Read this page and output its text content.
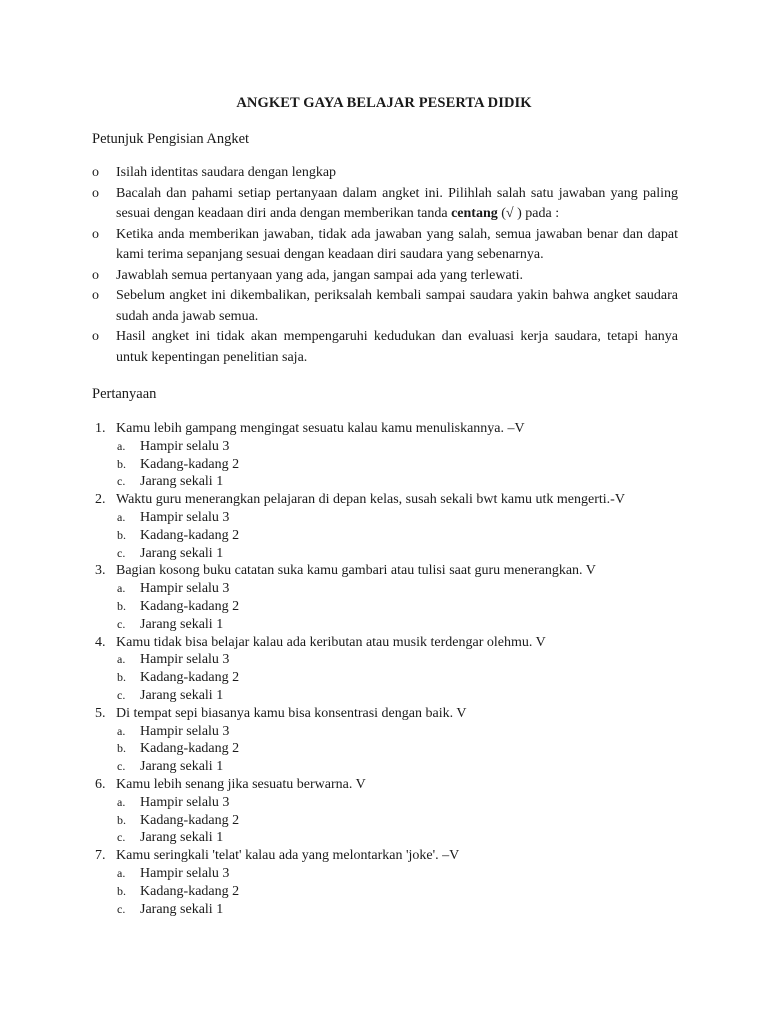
ANGKET GAYA BELAJAR PESERTA DIDIK
Petunjuk Pengisian Angket
o	Isilah identitas saudara dengan lengkap
o	Bacalah dan pahami setiap pertanyaan dalam angket ini. Pilihlah salah satu jawaban yang paling sesuai dengan keadaan diri anda dengan memberikan tanda centang (√ ) pada :
o	Ketika anda memberikan jawaban, tidak ada jawaban yang salah, semua jawaban benar dan dapat kami terima sepanjang sesuai dengan keadaan diri saudara yang sebenarnya.
o	Jawablah semua pertanyaan yang ada, jangan sampai ada yang terlewati.
o	Sebelum angket ini dikembalikan, periksalah kembali sampai saudara yakin bahwa angket saudara sudah anda jawab semua.
o	Hasil angket ini tidak akan mempengaruhi kedudukan dan evaluasi kerja saudara, tetapi hanya untuk kepentingan penelitian saja.
Pertanyaan
1. Kamu lebih gampang mengingat sesuatu kalau kamu menuliskannya. –V
a. Hampir selalu 3
b. Kadang-kadang 2
c. Jarang sekali 1
2. Waktu guru menerangkan pelajaran di depan kelas, susah sekali bwt kamu utk mengerti.-V
a. Hampir selalu 3
b. Kadang-kadang 2
c. Jarang sekali 1
3. Bagian kosong buku catatan suka kamu gambari atau tulisi saat guru menerangkan. V
a. Hampir selalu 3
b. Kadang-kadang 2
c. Jarang sekali 1
4. Kamu tidak bisa belajar kalau ada keributan atau musik terdengar olehmu. V
a. Hampir selalu 3
b. Kadang-kadang 2
c. Jarang sekali 1
5. Di tempat sepi biasanya kamu bisa konsentrasi dengan baik. V
a. Hampir selalu 3
b. Kadang-kadang 2
c. Jarang sekali 1
6. Kamu lebih senang jika sesuatu berwarna. V
a. Hampir selalu 3
b. Kadang-kadang 2
c. Jarang sekali 1
7. Kamu seringkali 'telat' kalau ada yang melontarkan 'joke'. –V
a. Hampir selalu 3
b. Kadang-kadang 2
c. Jarang sekali 1
